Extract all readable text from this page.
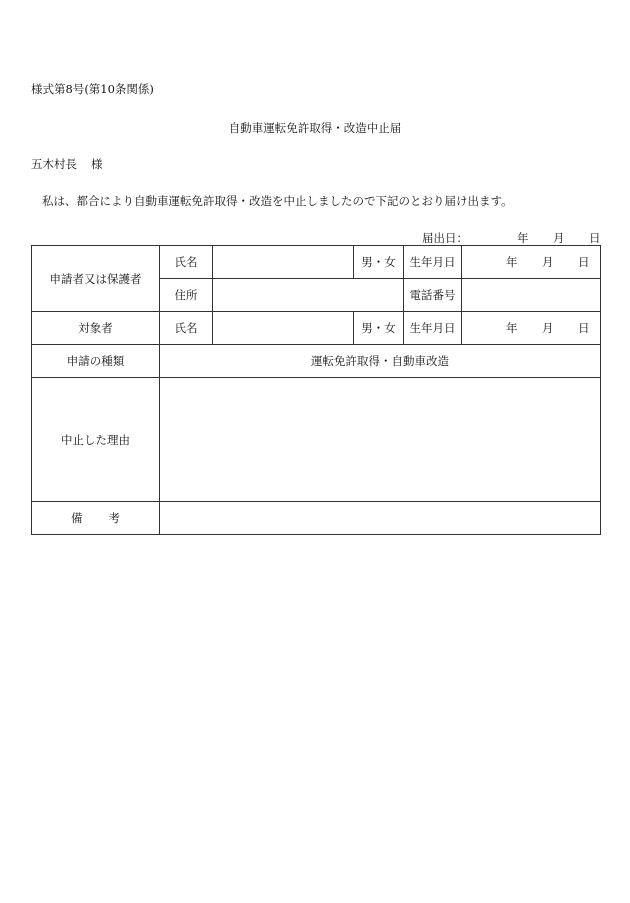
様式第8号(第10条関係)
自動車運転免許取得・改造中止届
五木村長 様
私は、都合により自動車運転免許取得・改造を中止しましたので下記のとおり届け出ます。
届出日：	年 月 日
申請者又は保護者	氏名		男・女	生年月日	年 月 日

	住所			電話番号	
対象者	氏名		男・女	生年月日	年 月 日

申請の種類	運転免許取得・自動車改造				
中止した理由					
備 考					
